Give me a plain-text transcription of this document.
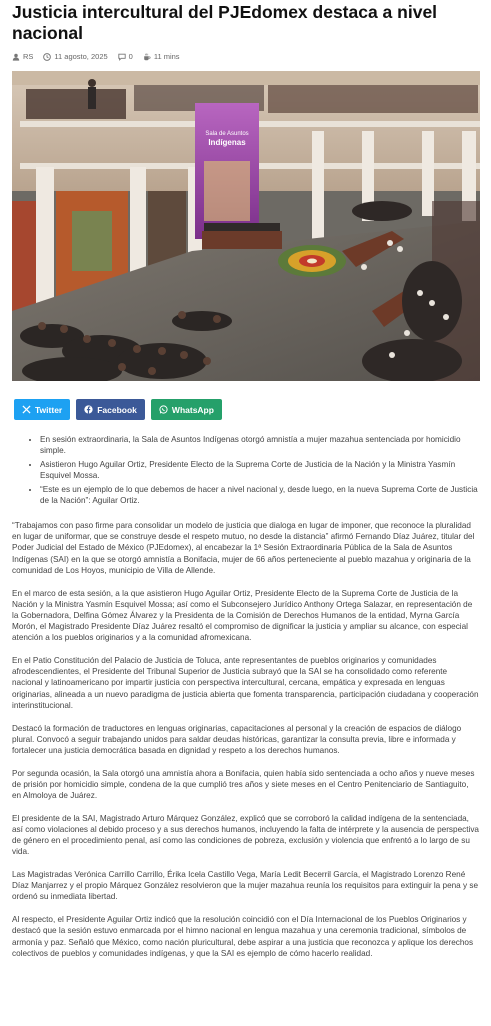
Justicia intercultural del PJEdomex destaca a nivel nacional
RS	11 agosto, 2025	0	11 mins
Sala de Asuntos
Indígenas
Twitter	Facebook	WhatsApp
• En sesión extraordinaria, la Sala de Asuntos Indígenas otorgó amnistía a mujer mazahua sentenciada por homicidio simple.
• Asistieron Hugo Aguilar Ortiz, Presidente Electo de la Suprema Corte de Justicia de la Nación y la Ministra Yasmín Esquivel Mossa.
• “Este es un ejemplo de lo que debemos de hacer a nivel nacional y, desde luego, en la nueva Suprema Corte de Justicia de la Nación”: Aguilar Ortiz.

“Trabajamos con paso firme para consolidar un modelo de justicia que dialoga en lugar de imponer, que reconoce la pluralidad en lugar de uniformar, que se construye desde el respeto mutuo, no desde la distancia” afirmó Fernando Díaz Juárez, titular del Poder Judicial del Estado de México (PJEdomex), al encabezar la 1ª Sesión Extraordinaria Pública de la Sala de Asuntos Indígenas (SAI) en la que se otorgó amnistía a Bonifacia, mujer de 66 años perteneciente al pueblo mazahua y originaria de la comunidad de Los Hoyos, municipio de Villa de Allende.

En el marco de esta sesión, a la que asistieron Hugo Aguilar Ortiz, Presidente Electo de la Suprema Corte de Justicia de la Nación y la Ministra Yasmín Esquivel Mossa; así como el Subconsejero Jurídico Anthony Ortega Salazar, en representación de la Gobernadora, Delfina Gómez Álvarez y la Presidenta de la Comisión de Derechos Humanos de la entidad, Myrna García Morón, el Magistrado Presidente Díaz Juárez resaltó el compromiso de dignificar la justicia y ampliar su alcance, con especial atención a los pueblos originarios y a la comunidad afromexicana.

En el Patio Constitución del Palacio de Justicia de Toluca, ante representantes de pueblos originarios y comunidades afrodescendientes, el Presidente del Tribunal Superior de Justicia subrayó que la SAI se ha consolidado como referente nacional y latinoamericano por impartir justicia con perspectiva intercultural, cercana, empática y expresada en lenguas originarias, alineada a un nuevo paradigma de justicia abierta que fomenta transparencia, participación ciudadana y cooperación interinstitucional.

Destacó la formación de traductores en lenguas originarias, capacitaciones al personal y la creación de espacios de diálogo plural. Convocó a seguir trabajando unidos para saldar deudas históricas, garantizar la consulta previa, libre e informada y fortalecer una justicia democrática basada en dignidad y respeto a los derechos humanos.

Por segunda ocasión, la Sala otorgó una amnistía ahora a Bonifacia, quien había sido sentenciada a ocho años y nueve meses de prisión por homicidio simple, condena de la que cumplió tres años y siete meses en el Centro Penitenciario de Santiaguito, en Almoloya de Juárez.

El presidente de la SAI, Magistrado Arturo Márquez González, explicó que se corroboró la calidad indígena de la sentenciada, así como violaciones al debido proceso y a sus derechos humanos, incluyendo la falta de intérprete y la ausencia de perspectiva de género en el procedimiento penal, así como las condiciones de pobreza, exclusión y violencia que enfrentó a lo largo de su vida.

Las Magistradas Verónica Carrillo Carrillo, Érika Icela Castillo Vega, María Ledit Becerril García, el Magistrado Lorenzo René Díaz Manjarrez y el propio Márquez González resolvieron que la mujer mazahua reunía los requisitos para extinguir la pena y se ordenó su inmediata libertad.

Al respecto, el Presidente Aguilar Ortiz indicó que la resolución coincidió con el Día Internacional de los Pueblos Originarios y destacó que la sesión estuvo enmarcada por el himno nacional en lengua mazahua y una ceremonia tradicional, símbolos de armonía y paz. Señaló que México, como nación pluricultural, debe aspirar a una justicia que reconozca y aplique los derechos colectivos de pueblos y comunidades indígenas, y que la SAI es ejemplo de cómo hacerlo realidad.
